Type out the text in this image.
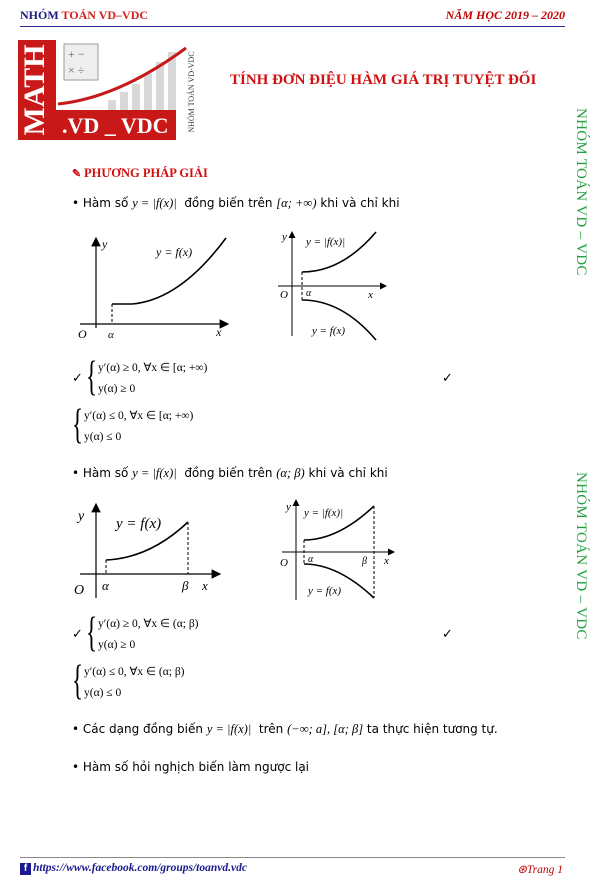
NHÓM TOÁN VD–VDC	NĂM HỌC 2019 – 2020
MATH + −
× ÷
.VD _ VDC NHÓM TOÁN VD-VDC TÍNH ĐƠN ĐIỆU HÀM GIÁ TRỊ TUYỆT ĐỐI
NHÓM TOÁN VD – VDC
NHÓM TOÁN VD – VDC
✎ PHƯƠNG PHÁP GIẢI
• Hàm số y = |f(x)| đồng biến trên [α; +∞) khi và chỉ khi
y
x
O α
y = f(x)
y
x
O α
y = |f(x)|
y = f(x)
✓ { y′(α) ≥ 0, ∀x ∈ [α; +∞)
y(α) ≥ 0
✓
{ y′(α) ≤ 0, ∀x ∈ [α; +∞)
y(α) ≤ 0
• Hàm số y = |f(x)| đồng biến trên (α; β) khi và chỉ khi
y
x
O α	β
y = f(x)
y
x
O α	β
y = |f(x)|
y = f(x)
✓ { y′(α) ≥ 0, ∀x ∈ (α; β)
y(α) ≥ 0
✓
{ y′(α) ≤ 0, ∀x ∈ (α; β)
y(α) ≤ 0
• Các dạng đồng biến y = |f(x)| trên (−∞; a], [α; β] ta thực hiện tương tự.
• Hàm số hỏi nghịch biến làm ngược lại
f https://www.facebook.com/groups/toanvd.vdc	⊛Trang 1
